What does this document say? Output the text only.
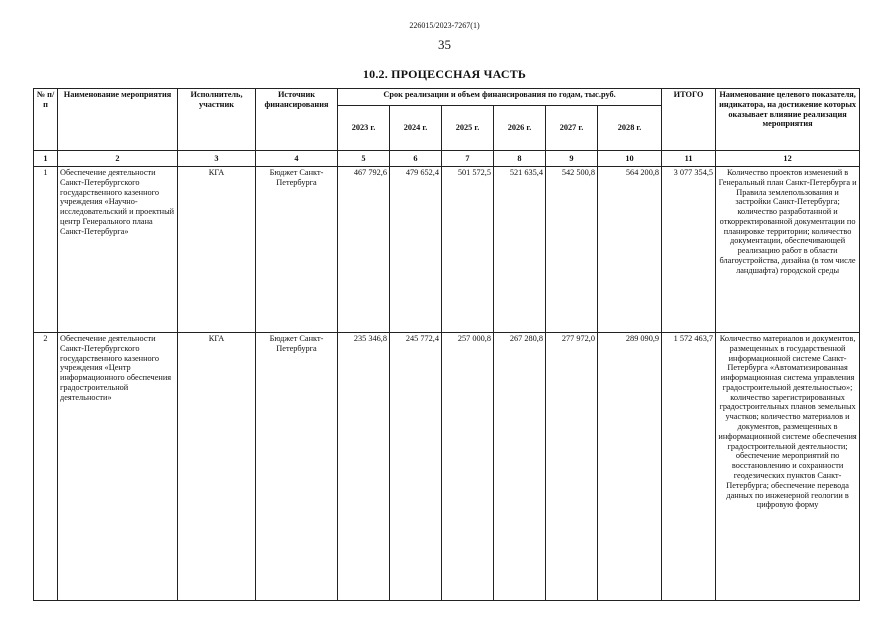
226015/2023-7267(1)
35
10.2. ПРОЦЕССНАЯ ЧАСТЬ
№ п/п	Наименование мероприятия	Исполнитель, участник	Источник финансирования	Срок реализации и объем финансирования по годам, тыс.руб.						ИТОГО	Наименование целевого показателя, индикатора, на достижение которых оказывает влияние реализация мероприятия
				2023 г.	2024 г.	2025 г.	2026 г.	2027 г.	2028 г.		
1	2	3	4	5	6	7	8	9	10	11	12
1	Обеспечение деятельности Санкт-Петербургского государственного казенного учреждения «Научно-исследовательский и проектный центр Генерального плана Санкт-Петербурга»	КГА	Бюджет Санкт-Петербурга	467 792,6	479 652,4	501 572,5	521 635,4	542 500,8	564 200,8	3 077 354,5	Количество проектов изменений в Генеральный план Санкт-Петербурга и Правила землепользования и застройки Санкт-Петербурга; количество разработанной и откорректированной документации по планировке территории; количество документации, обеспечивающей реализацию работ в области благоустройства, дизайна (в том числе ландшафта) городской среды
2	Обеспечение деятельности Санкт-Петербургского государственного казенного учреждения «Центр информационного обеспечения градостроительной деятельности»	КГА	Бюджет Санкт-Петербурга	235 346,8	245 772,4	257 000,8	267 280,8	277 972,0	289 090,9	1 572 463,7	Количество материалов и документов, размещенных в государственной информационной системе Санкт-Петербурга «Автоматизированная информационная система управления градостроительной деятельностью»; количество зарегистрированных градостроительных планов земельных участков; количество материалов и документов, размещенных в информационной системе обеспечения градостроительной деятельности; обеспечение мероприятий по восстановлению и сохранности геодезических пунктов Санкт-Петербурга; обеспечение перевода данных по инженерной геологии в цифровую форму
